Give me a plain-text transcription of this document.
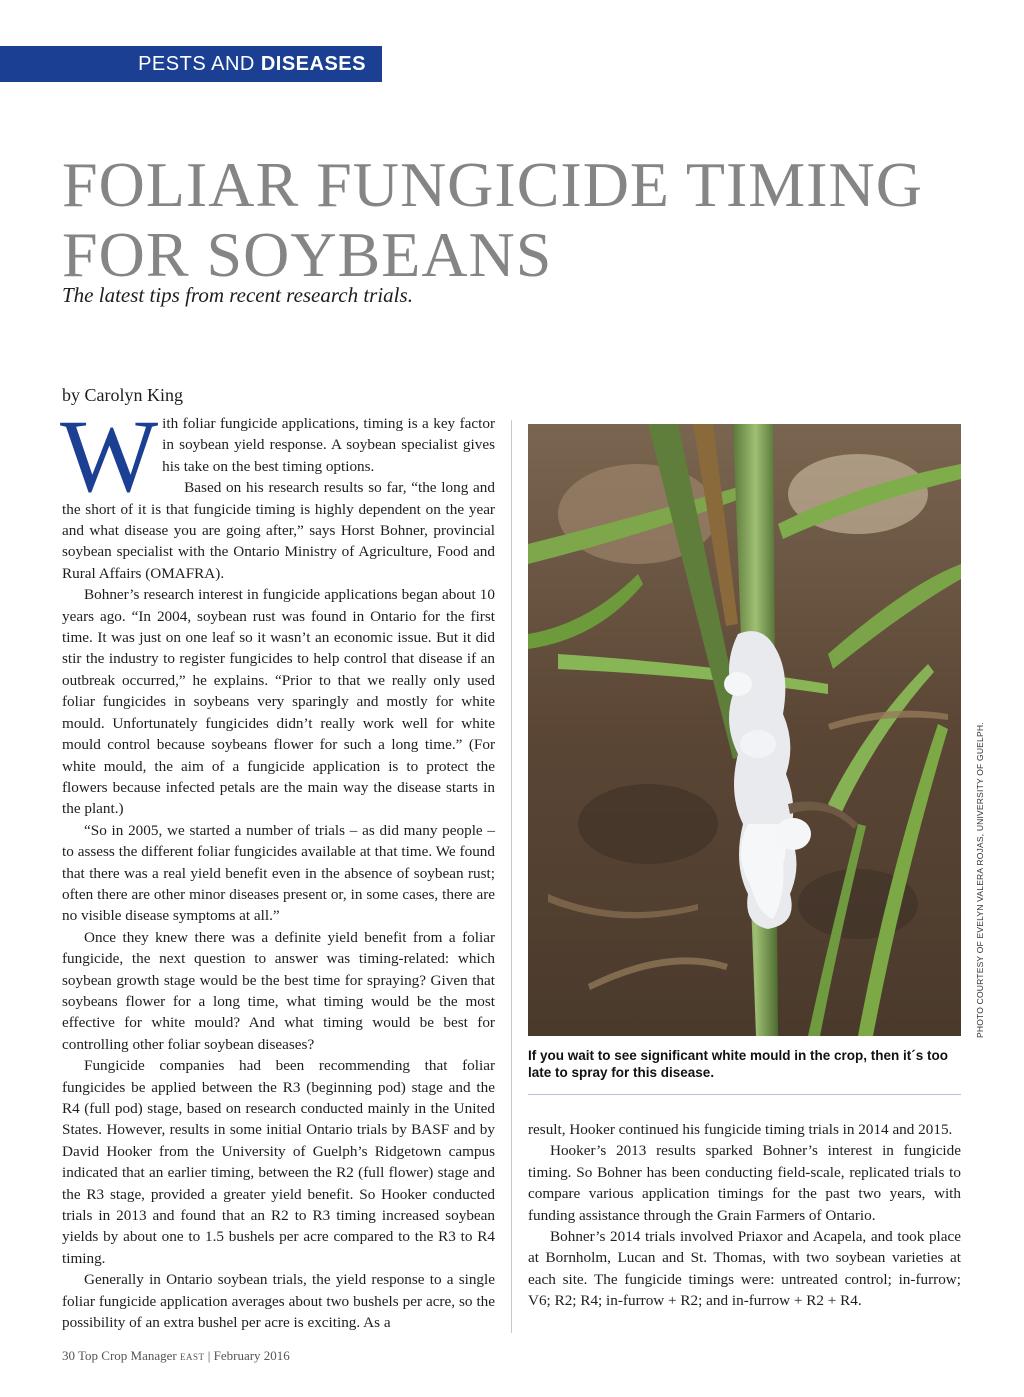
PESTS AND DISEASES
FOLIAR FUNGICIDE TIMING
FOR SOYBEANS

The latest tips from recent research trials.

by Carolyn King

With foliar fungicide applications, timing is a key factor in soybean yield response. A soybean specialist gives his take on the best timing options.

Based on his research results so far, “the long and the short of it is that fungicide timing is highly dependent on the year and what disease you are going after,” says Horst Bohner, provincial soybean specialist with the Ontario Ministry of Agriculture, Food and Rural Affairs (OMAFRA).

Bohner’s research interest in fungicide applications began about 10 years ago. “In 2004, soybean rust was found in Ontario for the first time. It was just on one leaf so it wasn’t an economic issue. But it did stir the industry to register fungicides to help control that disease if an outbreak occurred,” he explains. “Prior to that we really only used foliar fungicides in soybeans very sparingly and mostly for white mould. Unfortunately fungicides didn’t really work well for white mould control because soybeans flower for such a long time.” (For white mould, the aim of a fungicide application is to protect the flowers because infected petals are the main way the disease starts in the plant.)

“So in 2005, we started a number of trials – as did many people – to assess the different foliar fungicides available at that time. We found that there was a real yield benefit even in the absence of soybean rust; often there are other minor diseases present or, in some cases, there are no visible disease symptoms at all.”

Once they knew there was a definite yield benefit from a foliar fungicide, the next question to answer was timing-related: which soybean growth stage would be the best time for spraying? Given that soybeans flower for a long time, what timing would be the most effective for white mould? And what timing would be best for controlling other foliar soybean diseases?

Fungicide companies had been recommending that foliar fungicides be applied between the R3 (beginning pod) stage and the R4 (full pod) stage, based on research conducted mainly in the United States. However, results in some initial Ontario trials by BASF and by David Hooker from the University of Guelph’s Ridgetown campus indicated that an earlier timing, between the R2 (full flower) stage and the R3 stage, provided a greater yield benefit. So Hooker conducted trials in 2013 and found that an R2 to R3 timing increased soybean yields by about one to 1.5 bushels per acre compared to the R3 to R4 timing.

Generally in Ontario soybean trials, the yield response to a single foliar fungicide application averages about two bushels per acre, so the possibility of an extra bushel per acre is exciting. As a

PHOTO COURTESY OF EVELYN VALERA ROJAS, UNIVERSITY OF GUELPH.

If you wait to see significant white mould in the crop, then it´s too late to spray for this disease.

result, Hooker continued his fungicide timing trials in 2014 and 2015.

Hooker’s 2013 results sparked Bohner’s interest in fungicide timing. So Bohner has been conducting field-scale, replicated trials to compare various application timings for the past two years, with funding assistance through the Grain Farmers of Ontario.

Bohner’s 2014 trials involved Priaxor and Acapela, and took place at Bornholm, Lucan and St. Thomas, with two soybean varieties at each site. The fungicide timings were: untreated control; in-furrow; V6; R2; R4; in-furrow + R2; and in-furrow + R2 + R4.

30 Top Crop Manager EAST | February 2016
